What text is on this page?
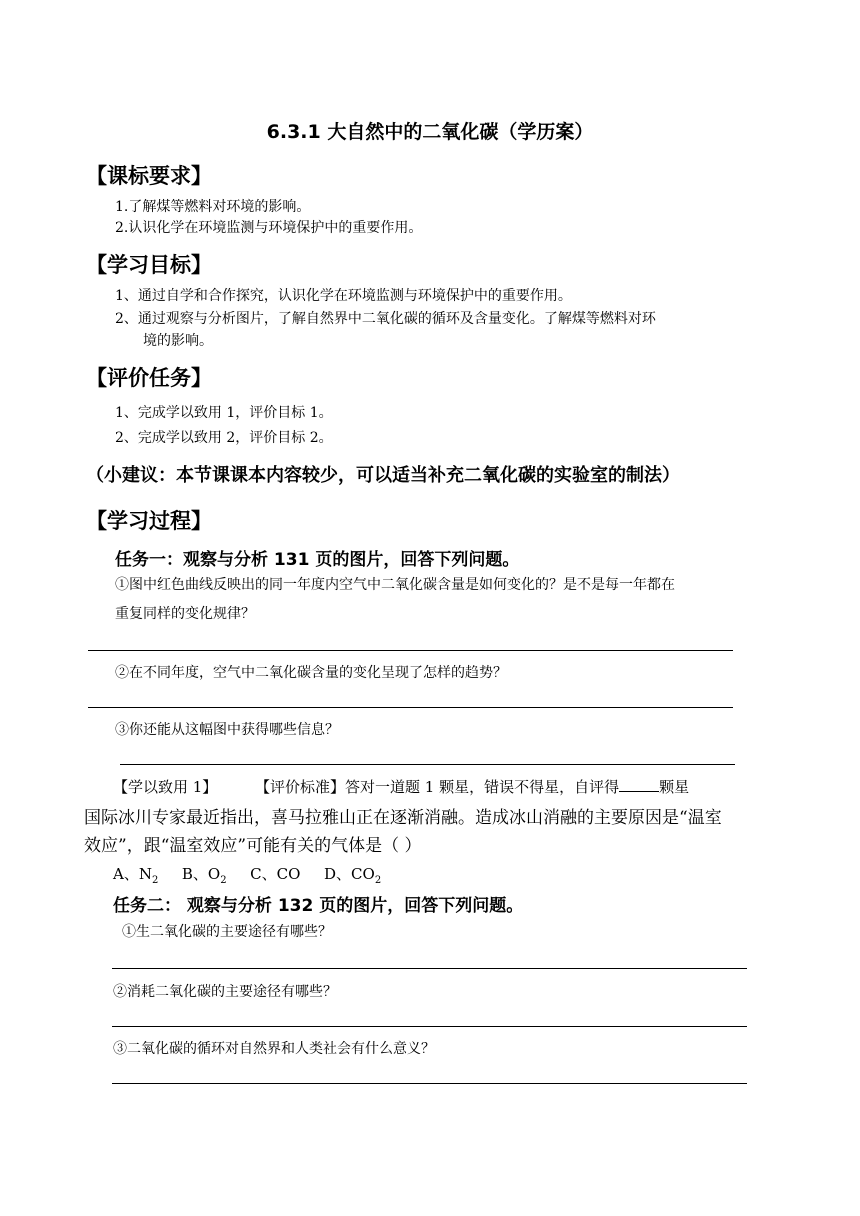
6.3.1 大自然中的二氧化碳（学历案）
【课标要求】
1.了解煤等燃料对环境的影响。
2.认识化学在环境监测与环境保护中的重要作用。
【学习目标】
1、通过自学和合作探究，认识化学在环境监测与环境保护中的重要作用。
2、通过观察与分析图片，了解自然界中二氧化碳的循环及含量变化。了解煤等燃料对环
境的影响。
【评价任务】
1、完成学以致用 1，评价目标 1。
2、完成学以致用 2，评价目标 2。
（小建议：本节课课本内容较少，可以适当补充二氧化碳的实验室的制法）
【学习过程】
任务一：观察与分析 131 页的图片，回答下列问题。
①图中红色曲线反映出的同一年度内空气中二氧化碳含量是如何变化的？是不是每一年都在
重复同样的变化规律？
②在不同年度，空气中二氧化碳含量的变化呈现了怎样的趋势？
③你还能从这幅图中获得哪些信息？
【学以致用 1】	【评价标准】答对一道题 1 颗星，错误不得星，自评得	颗星
国际冰川专家最近指出，喜马拉雅山正在逐渐消融。造成冰山消融的主要原因是“温室
效应”，跟“温室效应”可能有关的气体是（ ）
A、$N_2$ B、$O_2$ C、CO D、$CO_2$
任务二： 观察与分析 132 页的图片，回答下列问题。
①生二氧化碳的主要途径有哪些？
②消耗二氧化碳的主要途径有哪些？
③二氧化碳的循环对自然界和人类社会有什么意义？
